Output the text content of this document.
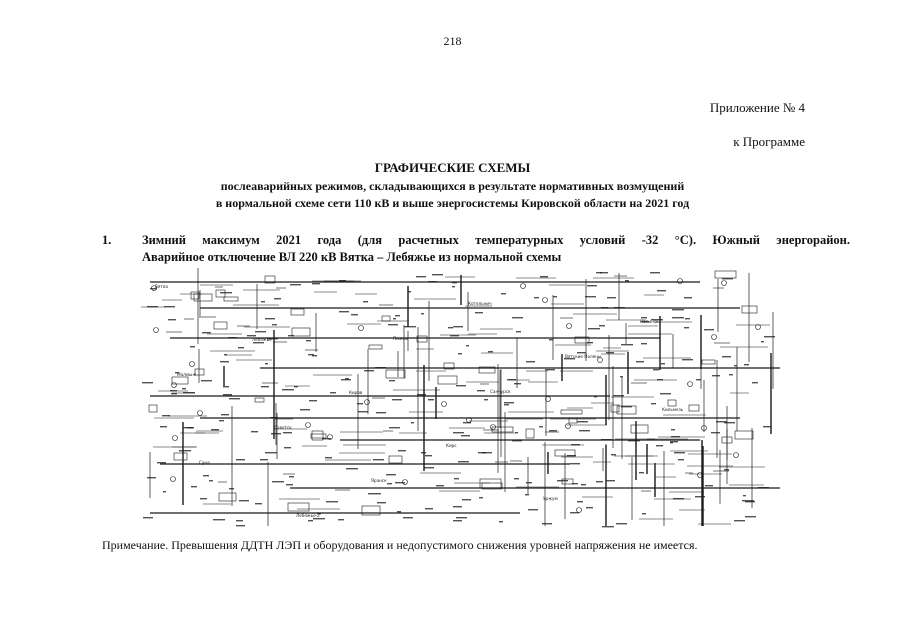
218
Приложение № 4
к Программе
ГРАФИЧЕСКИЕ СХЕМЫ
послеаварийных режимов, складывающихся в результате нормативных возмущений
в нормальной схеме сети 110 кВ и выше энергосистемы Кировской области на 2021 год
1. Зимний максимум 2021 года (для расчетных температурных условий -32 °С). Южный энергорайон.
Аварийное отключение ВЛ 220 кВ Вятка – Лебяжье из нормальной схемы
Вятка
Лебяжье
Киров
Кирс
Уржум
Нолинск
Малмыж
Советск
Яранск
Котельнич
Вятские Поляны
Кильмезь
Суна
Лебяжье-2
Пижма
Санчурск
Примечание. Превышения ДДТН ЛЭП и оборудования и недопустимого снижения уровней напряжения не имеется.
